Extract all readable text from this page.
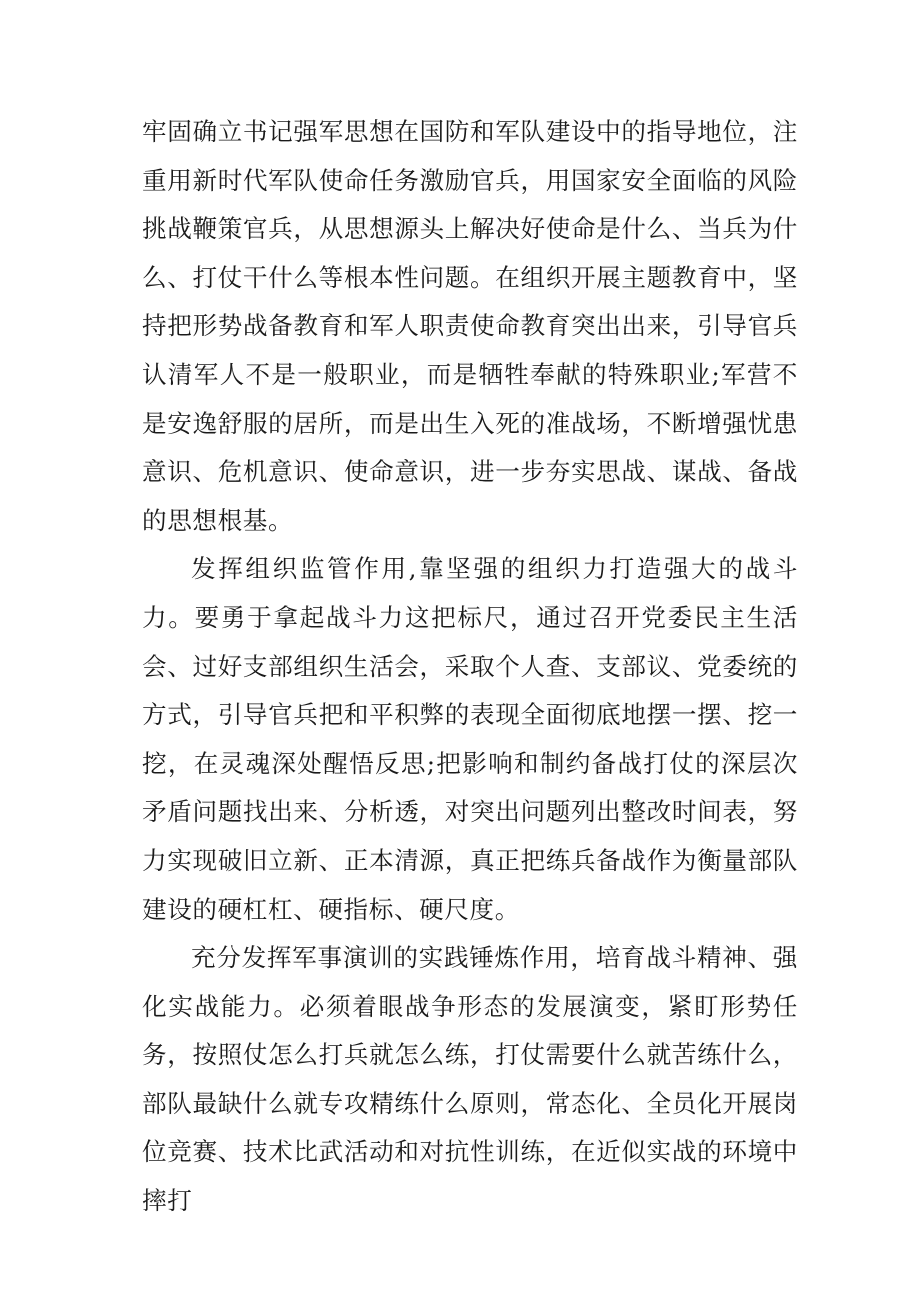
牢固确立书记强军思想在国防和军队建设中的指导地位，注重用新时代军队使命任务激励官兵，用国家安全面临的风险挑战鞭策官兵，从思想源头上解决好使命是什么、当兵为什么、打仗干什么等根本性问题。在组织开展主题教育中，坚持把形势战备教育和军人职责使命教育突出出来，引导官兵认清军人不是一般职业，而是牺牲奉献的特殊职业;军营不是安逸舒服的居所，而是出生入死的准战场，不断增强忧患意识、危机意识、使命意识，进一步夯实思战、谋战、备战的思想根基。

发挥组织监管作用,靠坚强的组织力打造强大的战斗力。要勇于拿起战斗力这把标尺，通过召开党委民主生活会、过好支部组织生活会，采取个人查、支部议、党委统的方式，引导官兵把和平积弊的表现全面彻底地摆一摆、挖一挖，在灵魂深处醒悟反思;把影响和制约备战打仗的深层次矛盾问题找出来、分析透，对突出问题列出整改时间表，努力实现破旧立新、正本清源，真正把练兵备战作为衡量部队建设的硬杠杠、硬指标、硬尺度。

充分发挥军事演训的实践锤炼作用，培育战斗精神、强化实战能力。必须着眼战争形态的发展演变，紧盯形势任务，按照仗怎么打兵就怎么练，打仗需要什么就苦练什么，部队最缺什么就专攻精练什么原则，常态化、全员化开展岗位竞赛、技术比武活动和对抗性训练，在近似实战的环境中摔打
